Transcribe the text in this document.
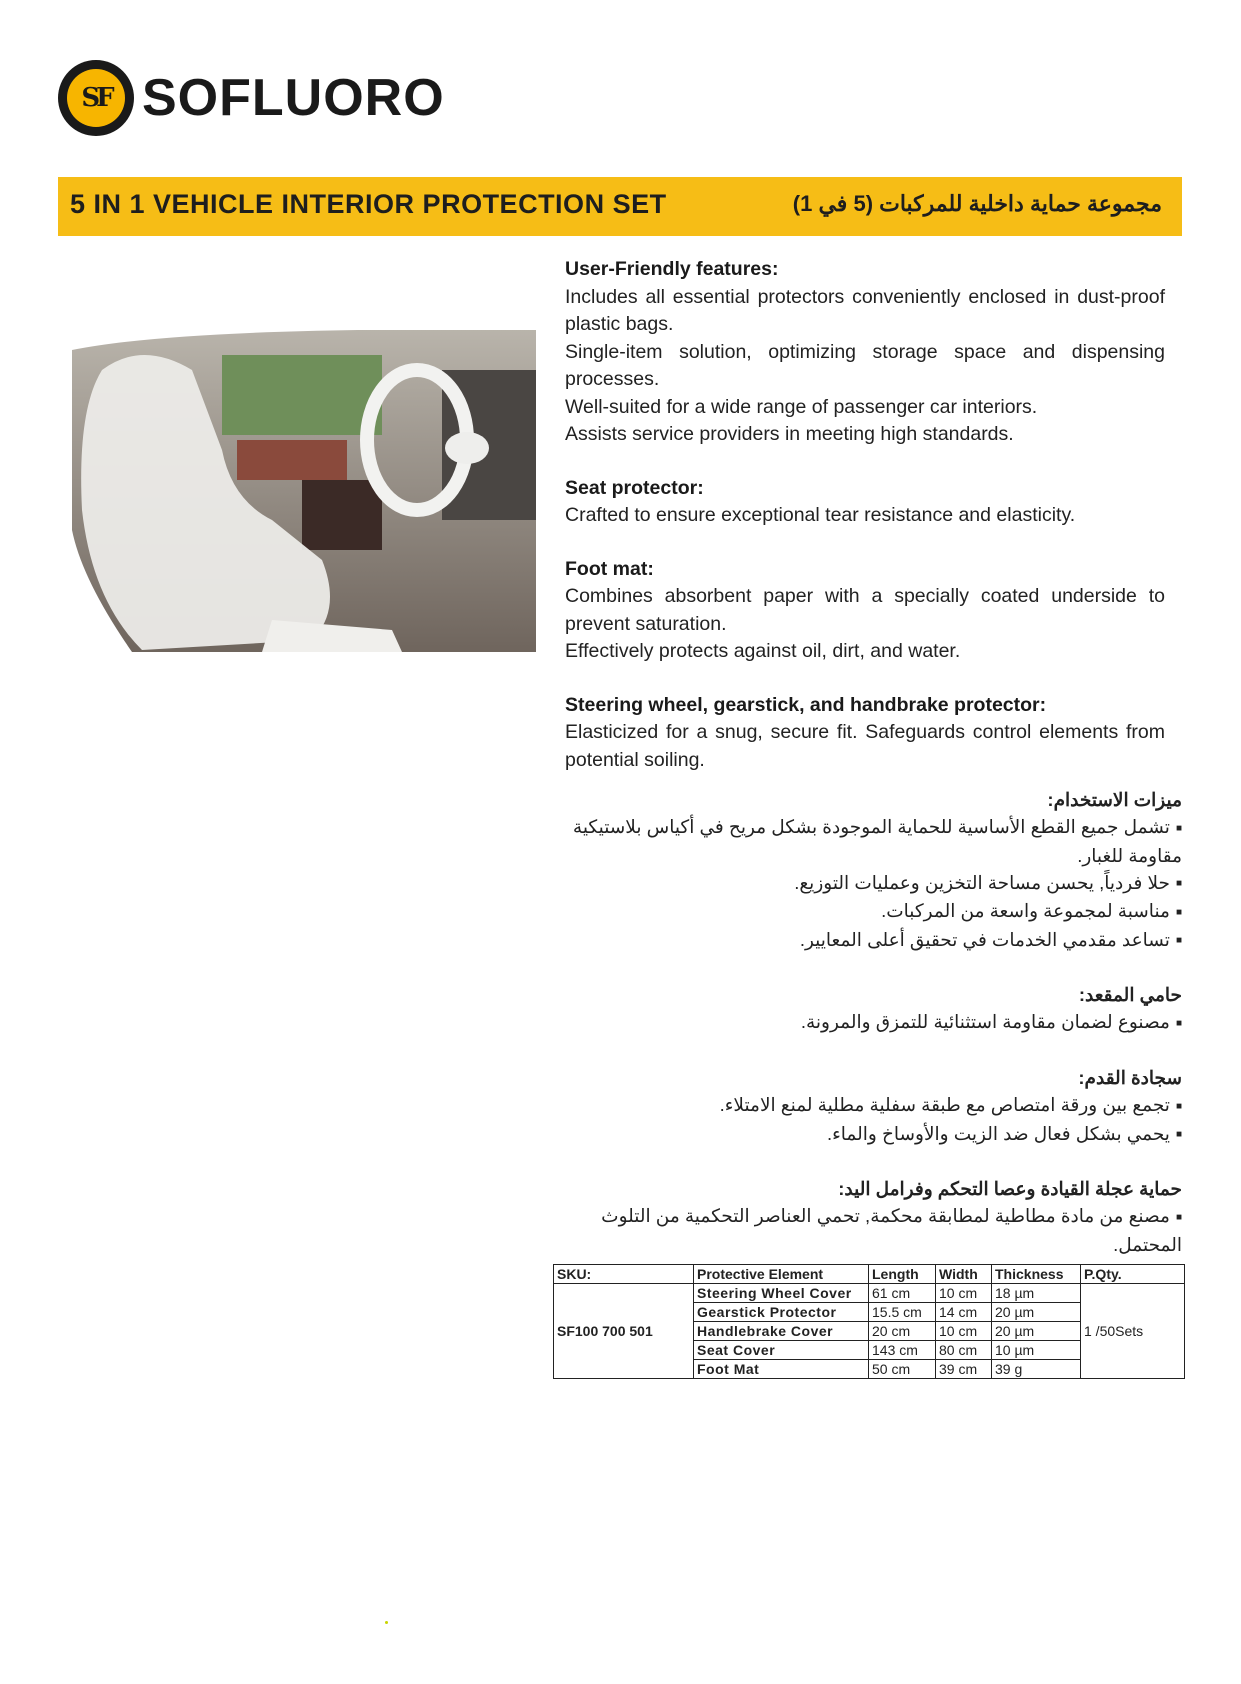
SF SOFLUORO
5 IN 1 VEHICLE INTERIOR PROTECTION SET	مجموعة حماية داخلية للمركبات (5 في 1)
User-Friendly features:

Includes all essential protectors conveniently enclosed in dust-proof plastic bags.

Single-item solution, optimizing storage space and dispensing processes.

Well-suited for a wide range of passenger car interiors.

Assists service providers in meeting high standards.

Seat protector:

Crafted to ensure exceptional tear resistance and elasticity.

Foot mat:

Combines absorbent paper with a specially coated underside to prevent saturation.

Effectively protects against oil, dirt, and water.

Steering wheel, gearstick, and handbrake protector:

Elasticized for a snug, secure fit. Safeguards control elements from potential soiling.

ميزات الاستخدام:

■تشمل جميع القطع الأساسية للحماية الموجودة بشكل مريح في أكياس بلاستيكية مقاومة للغبار.

■حلا فردياً, يحسن مساحة التخزين وعمليات التوزيع.

■مناسبة لمجموعة واسعة من المركبات.

■تساعد مقدمي الخدمات في تحقيق أعلى المعايير.

حامي المقعد:

■مصنوع لضمان مقاومة استثنائية للتمزق والمرونة.

سجادة القدم:

■تجمع بين ورقة امتصاص مع طبقة سفلية مطلية لمنع الامتلاء.

■يحمي بشكل فعال ضد الزيت والأوساخ والماء.

حماية عجلة القيادة وعصا التحكم وفرامل اليد:

■مصنع من مادة مطاطية لمطابقة محكمة, تحمي العناصر التحكمية من التلوث المحتمل.

SKU:	Protective Element	Length	Width	Thickness	P.Qty.
SF100 700 501	Steering Wheel Cover	61 cm	10 cm	18 µm	1 /50Sets
	Gearstick Protector	15.5 cm	14 cm	20 µm	
	Handlebrake Cover	20 cm	10 cm	20 µm	
	Seat Cover	143 cm	80 cm	10 µm	
	Foot Mat	50 cm	39 cm	39 g	
